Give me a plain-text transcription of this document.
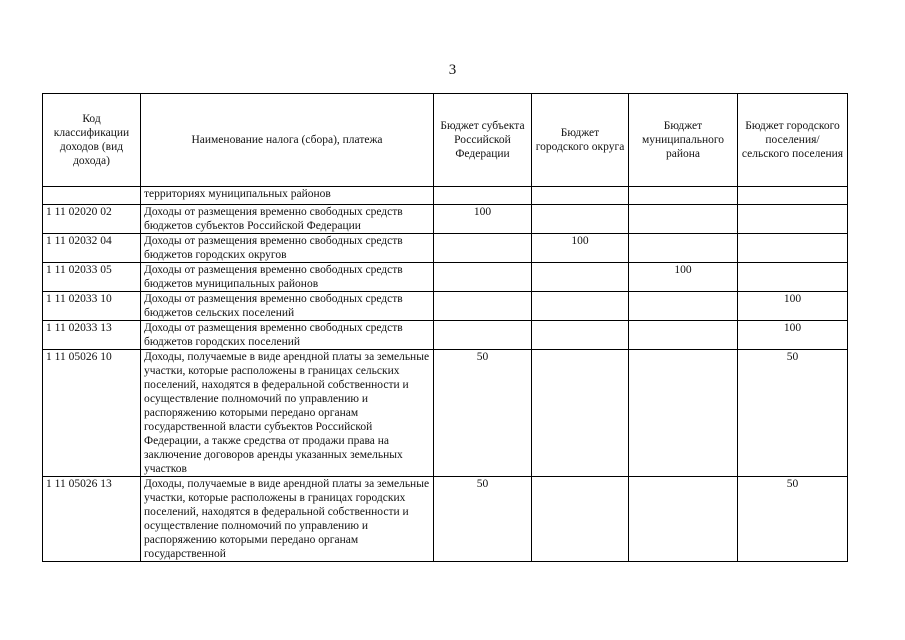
3
Код классификации доходов (вид дохода)	Наименование налога (сбора), платежа	Бюджет субъекта Российской Федерации	Бюджет городского округа	Бюджет муниципального района	Бюджет городского поселения/ сельского поселения
	территориях муниципальных районов				
1 11 02020 02	Доходы от размещения временно свободных средств бюджетов субъектов Российской Федерации	100			
1 11 02032 04	Доходы от размещения временно свободных средств бюджетов городских округов		100		
1 11 02033 05	Доходы от размещения временно свободных средств бюджетов муниципальных районов			100	
1 11 02033 10	Доходы от размещения временно свободных средств бюджетов сельских поселений				100
1 11 02033 13	Доходы от размещения временно свободных средств бюджетов городских поселений				100
1 11 05026 10	Доходы, получаемые в виде арендной платы за земельные участки, которые расположены в границах сельских поселений, находятся в федеральной собственности и осуществление полномочий по управлению и распоряжению которыми передано органам государственной власти субъектов Российской Федерации, а также средства от продажи права на заключение договоров аренды указанных земельных участков	50			50
1 11 05026 13	Доходы, получаемые в виде арендной платы за земельные участки, которые расположены в границах городских поселений, находятся в федеральной собственности и осуществление полномочий по управлению и распоряжению которыми передано органам государственной	50			50
